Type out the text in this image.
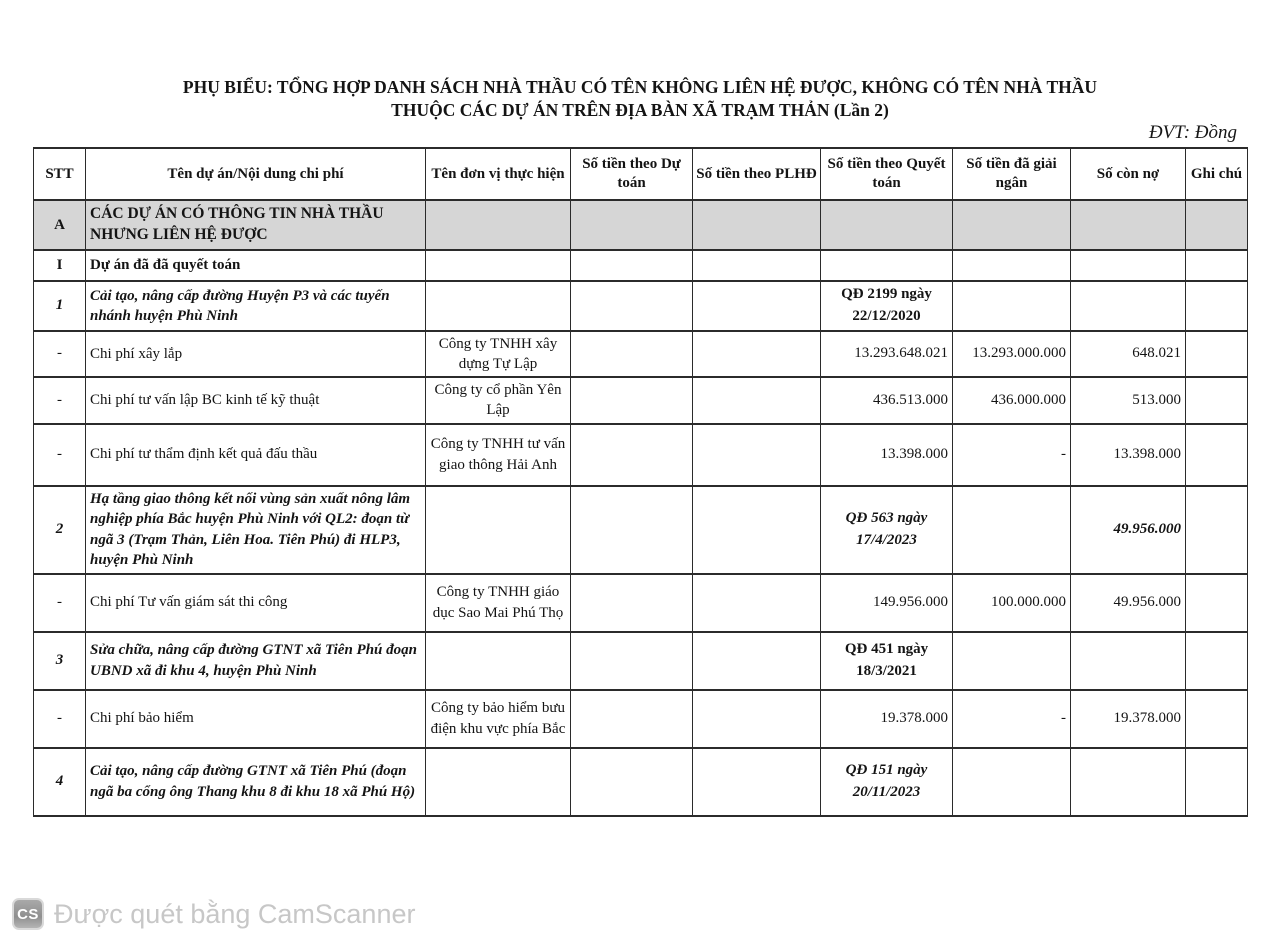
PHỤ BIỂU: TỔNG HỢP DANH SÁCH NHÀ THẦU CÓ TÊN KHÔNG LIÊN HỆ ĐƯỢC, KHÔNG CÓ TÊN NHÀ THẦU
THUỘC CÁC DỰ ÁN TRÊN ĐỊA BÀN XÃ TRẠM THẢN (Lần 2)
ĐVT: Đồng
STT	Tên dự án/Nội dung chi phí	Tên đơn vị thực hiện	Số tiền theo Dự toán	Số tiền theo PLHĐ	Số tiền theo Quyết toán	Số tiền đã giải ngân	Số còn nợ	Ghi chú
A	CÁC DỰ ÁN CÓ THÔNG TIN NHÀ THẦU NHƯNG LIÊN HỆ ĐƯỢC							
I	Dự án đã đã quyết toán							
1	Cải tạo, nâng cấp đường Huyện P3 và các tuyến nhánh huyện Phù Ninh				QĐ 2199 ngày 22/12/2020			
-	Chi phí xây lắp	Công ty TNHH xây dựng Tự Lập			13.293.648.021	13.293.000.000	648.021	
-	Chi phí tư vấn lập BC kinh tế kỹ thuật	Công ty cổ phần Yên Lập			436.513.000	436.000.000	513.000	
-	Chi phí tư thẩm định kết quả đấu thầu	Công ty TNHH tư vấn giao thông Hải Anh			13.398.000	-	13.398.000	
2	Hạ tầng giao thông kết nối vùng sản xuất nông lâm nghiệp phía Bắc huyện Phù Ninh với QL2: đoạn từ ngã 3 (Trạm Thản, Liên Hoa. Tiên Phú) đi HLP3, huyện Phù Ninh				QĐ 563 ngày 17/4/2023		49.956.000	
-	Chi phí Tư vấn giám sát thi công	Công ty TNHH giáo dục Sao Mai Phú Thọ			149.956.000	100.000.000	49.956.000	
3	Sửa chữa, nâng cấp đường GTNT xã Tiên Phú đoạn UBND xã đi khu 4, huyện Phù Ninh				QĐ 451 ngày 18/3/2021			
-	Chi phí bảo hiểm	Công ty bảo hiểm bưu điện khu vực phía Bắc			19.378.000	-	19.378.000	
4	Cải tạo, nâng cấp đường GTNT xã Tiên Phú (đoạn ngã ba cổng ông Thang khu 8 đi khu 18 xã Phú Hộ)				QĐ 151 ngày 20/11/2023			
CS Được quét bằng CamScanner
